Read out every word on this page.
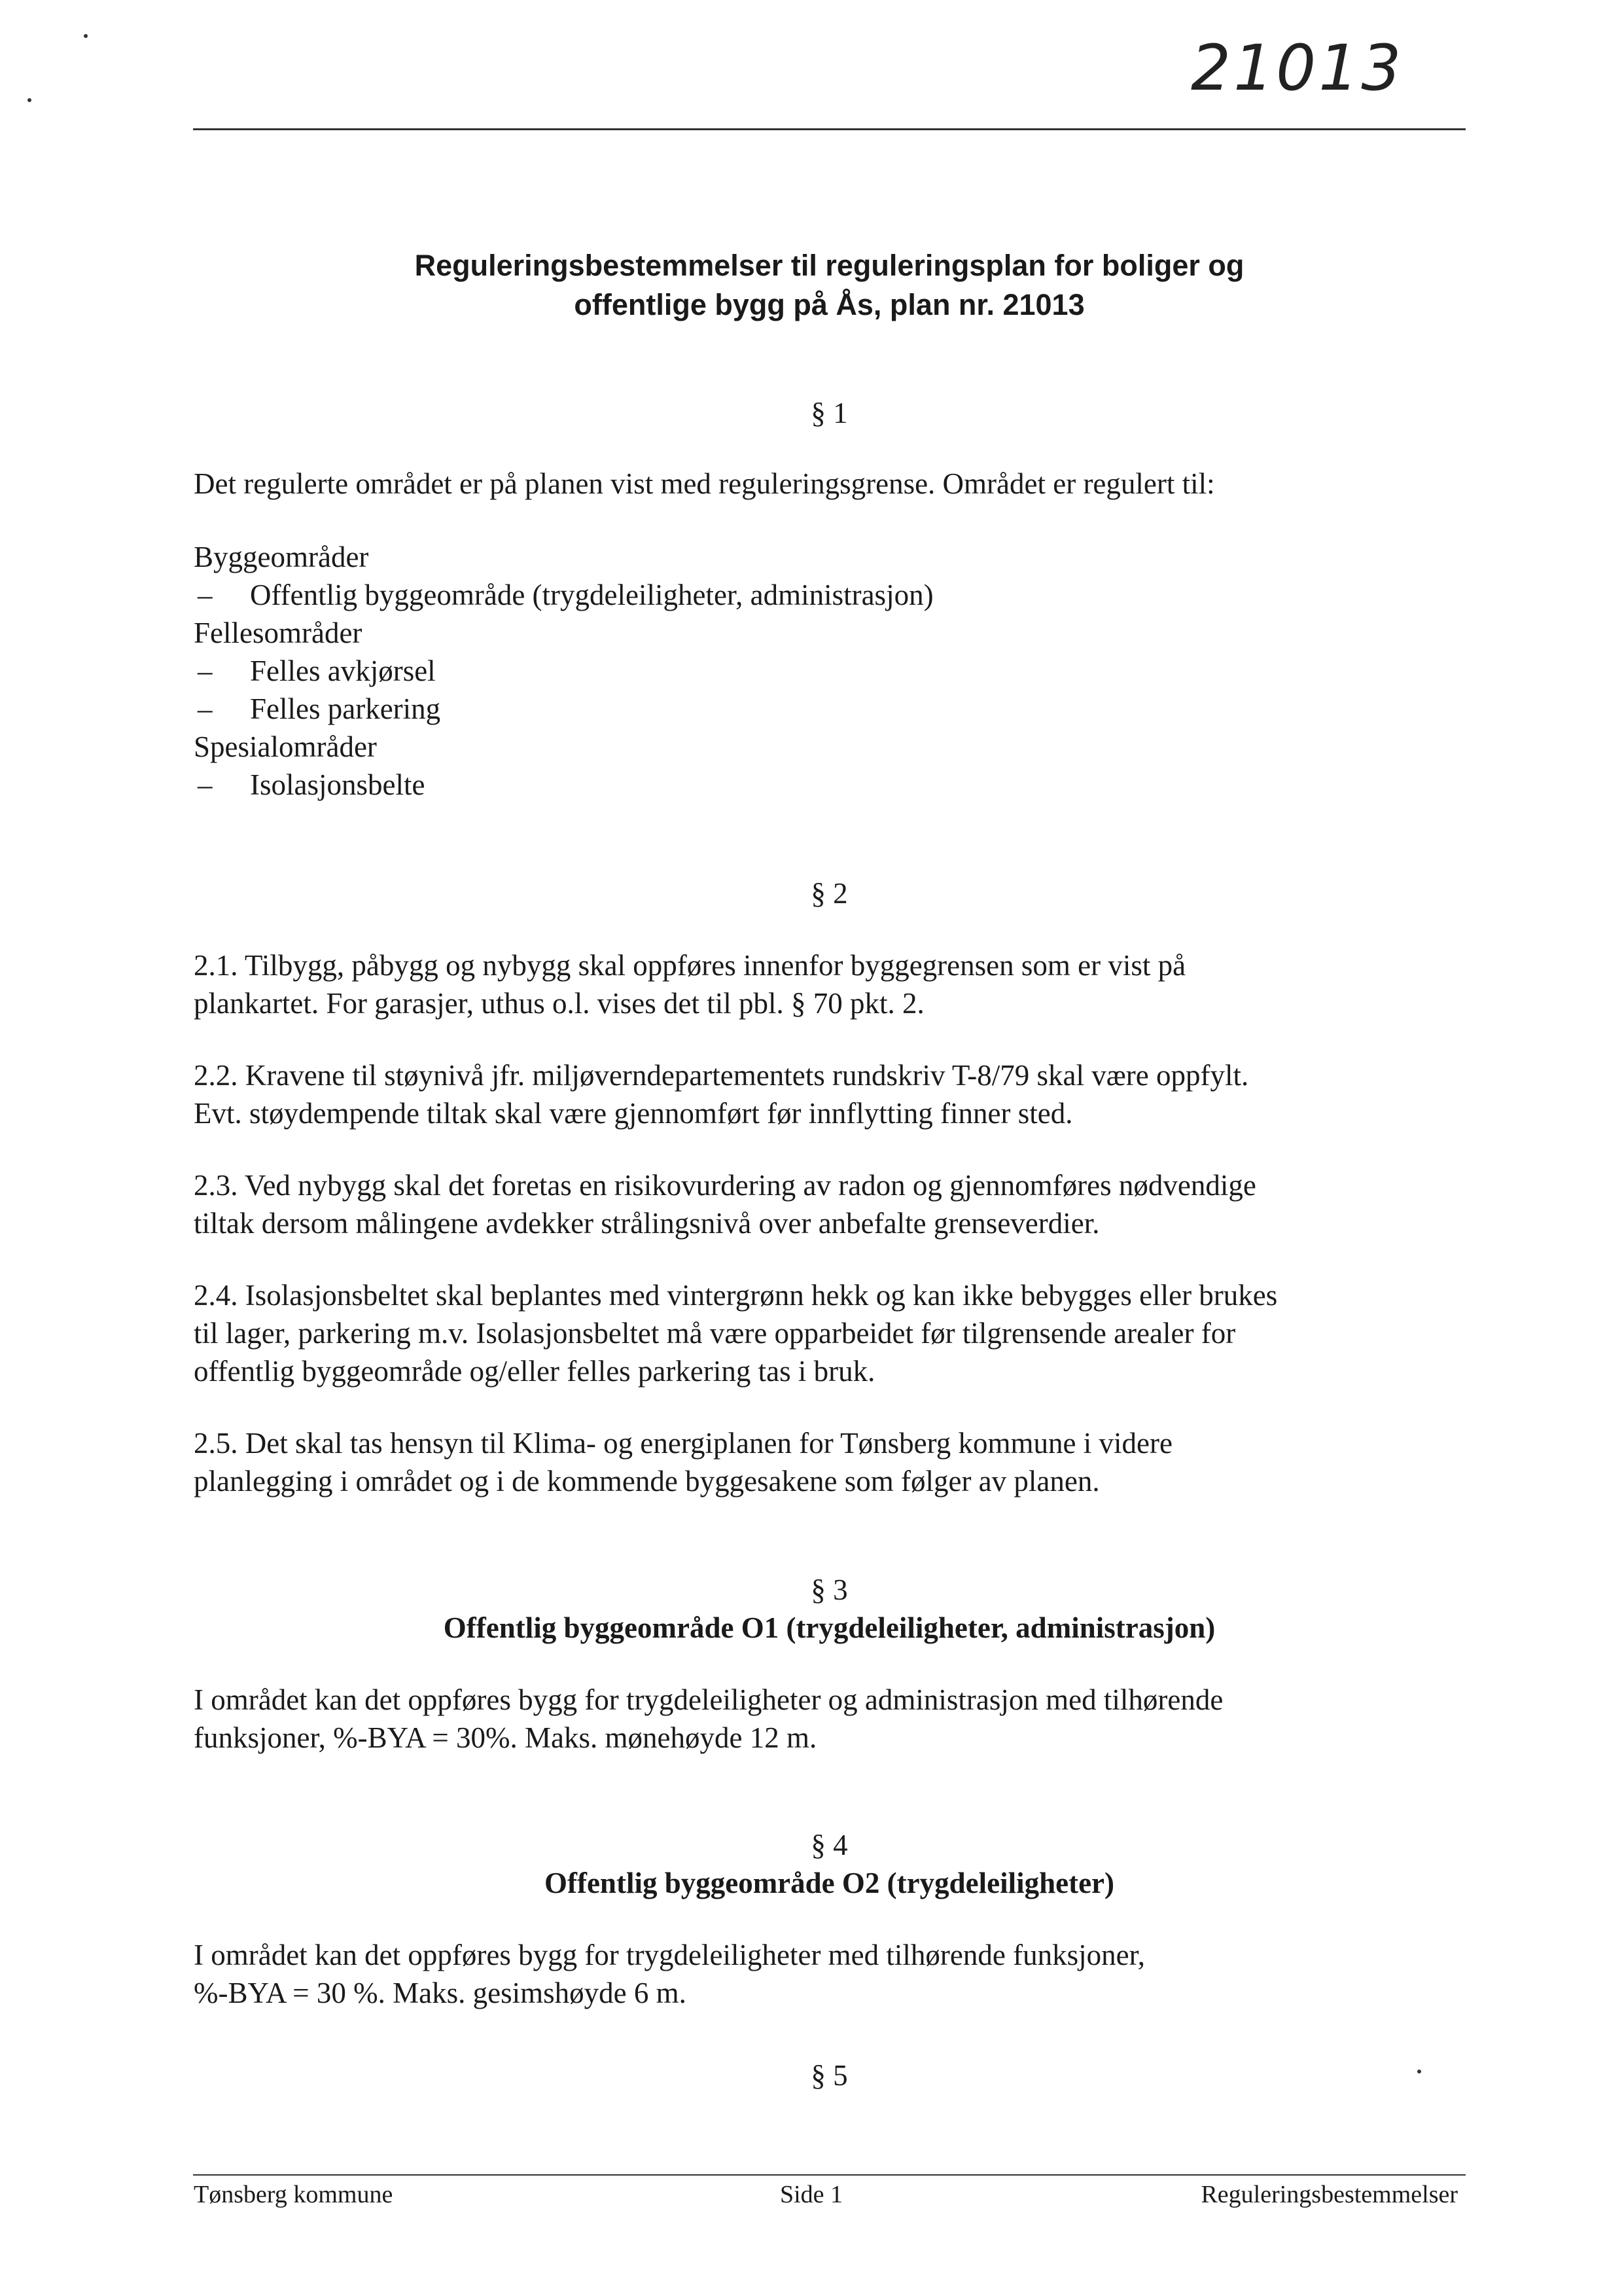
21013
Reguleringsbestemmelser til reguleringsplan for boliger og
offentlige bygg på Ås, plan nr. 21013
§ 1
Det regulerte området er på planen vist med reguleringsgrense. Området er regulert til:
Byggeområder
– Offentlig byggeområde (trygdeleiligheter, administrasjon)
Fellesområder
– Felles avkjørsel
– Felles parkering
Spesialområder
– Isolasjonsbelte
§ 2
2.1. Tilbygg, påbygg og nybygg skal oppføres innenfor byggegrensen som er vist på
plankartet. For garasjer, uthus o.l. vises det til pbl. § 70 pkt. 2.
2.2. Kravene til støynivå jfr. miljøverndepartementets rundskriv T-8/79 skal være oppfylt.
Evt. støydempende tiltak skal være gjennomført før innflytting finner sted.
2.3. Ved nybygg skal det foretas en risikovurdering av radon og gjennomføres nødvendige
tiltak dersom målingene avdekker strålingsnivå over anbefalte grenseverdier.
2.4. Isolasjonsbeltet skal beplantes med vintergrønn hekk og kan ikke bebygges eller brukes
til lager, parkering m.v. Isolasjonsbeltet må være opparbeidet før tilgrensende arealer for
offentlig byggeområde og/eller felles parkering tas i bruk.
2.5. Det skal tas hensyn til Klima- og energiplanen for Tønsberg kommune i videre
planlegging i området og i de kommende byggesakene som følger av planen.
§ 3
Offentlig byggeområde O1 (trygdeleiligheter, administrasjon)
I området kan det oppføres bygg for trygdeleiligheter og administrasjon med tilhørende
funksjoner, %-BYA = 30%. Maks. mønehøyde 12 m.
§ 4
Offentlig byggeområde O2 (trygdeleiligheter)
I området kan det oppføres bygg for trygdeleiligheter med tilhørende funksjoner,
%-BYA = 30 %. Maks. gesimshøyde 6 m.
§ 5
Tønsberg kommune	Side 1	Reguleringsbestemmelser
